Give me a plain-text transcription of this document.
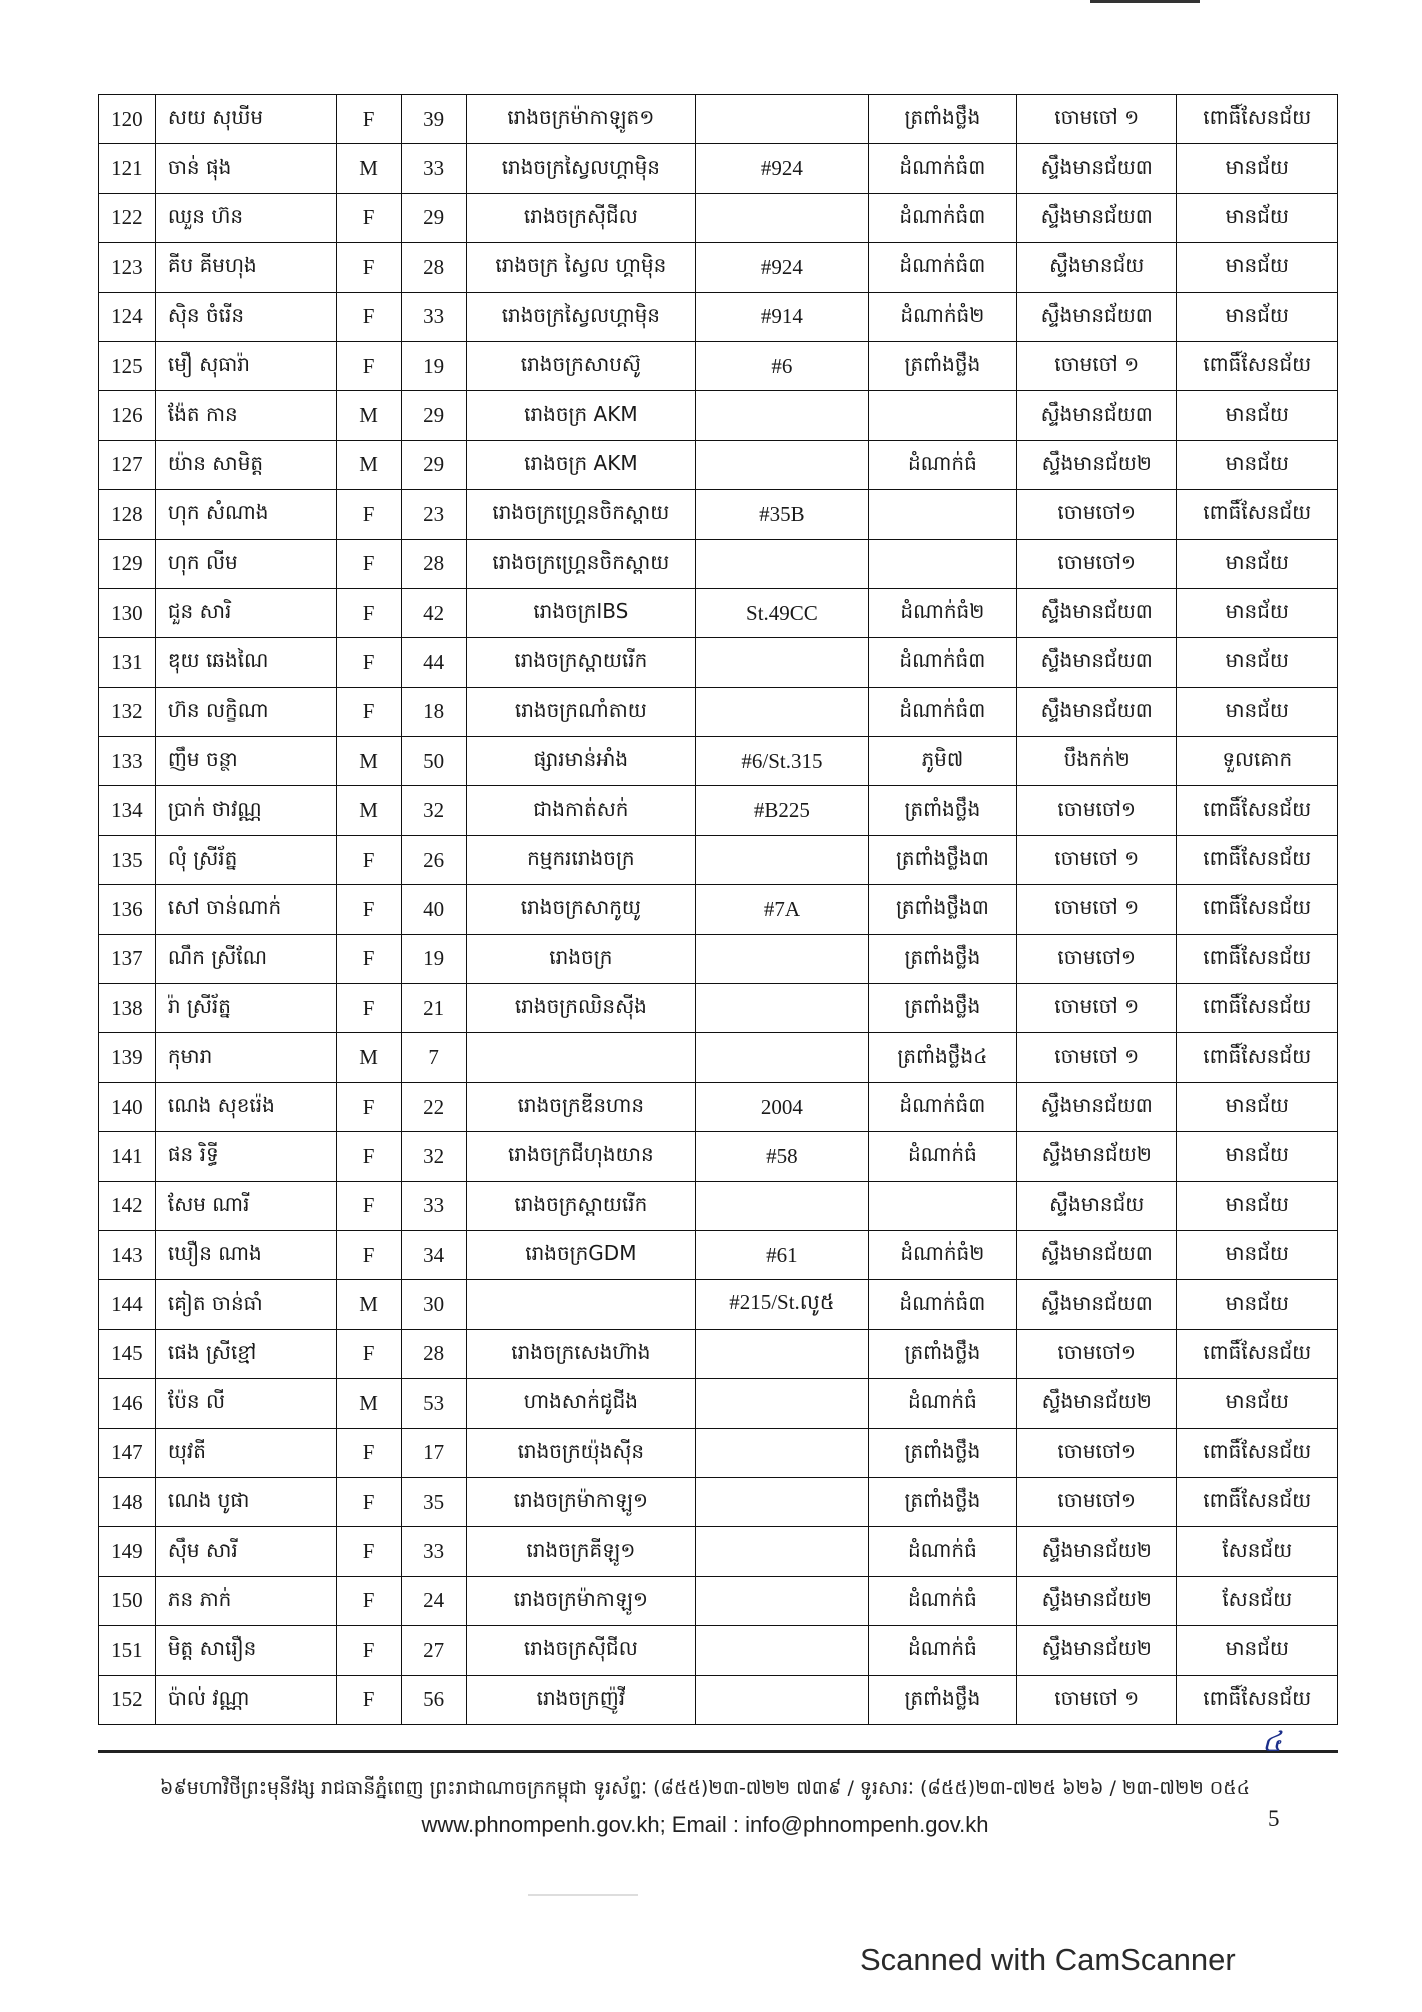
120	សយ សុឃីម	F	39	រោងចក្រម៉ាកាឡូត១		ត្រពាំងថ្លឹង	ចោមចៅ ១	ពោធិ៍សែនជ័យ
121	ចាន់ ផុង	M	33	រោងចក្រស្វៃលហ្គាម៉ិន	#924	ដំណាក់ធំ៣	ស្ទឹងមានជ័យ៣	មានជ័យ
122	ឈួន ហ៊ន	F	29	រោងចក្រស៊ីជីល		ដំណាក់ធំ៣	ស្ទឹងមានជ័យ៣	មានជ័យ
123	គីប គីមហុង	F	28	រោងចក្រ ស្វៃល ហ្គាម៉ិន	#924	ដំណាក់ធំ៣	ស្ទឹងមានជ័យ	មានជ័យ
124	ស៊ិន ចំរើន	F	33	រោងចក្រស្វៃលហ្គាម៉ិន	#914	ដំណាក់ធំ២	ស្ទឹងមានជ័យ៣	មានជ័យ
125	មឿ សុធារ៉ា	F	19	រោងចក្រសាបស៊ូ	#6	ត្រពាំងថ្លឹង	ចោមចៅ ១	ពោធិ៍សែនជ័យ
126	ង៉ែត កាន	M	29	រោងចក្រ AKM			ស្ទឹងមានជ័យ៣	មានជ័យ
127	យ៉ាន សាមិត្ត	M	29	រោងចក្រ AKM		ដំណាក់ធំ	ស្ទឹងមានជ័យ២	មានជ័យ
128	ហុក សំណាង	F	23	រោងចក្រហ្គ្រេនចិកស្ពាយ	#35B		ចោមចៅ១	ពោធិ៍សែនជ័យ
129	ហុក លីម	F	28	រោងចក្រហ្គ្រេនចិកស្ពាយ			ចោមចៅ១	មានជ័យ
130	ជួន សារិ	F	42	រោងចក្រIBS	St.49CC	ដំណាក់ធំ២	ស្ទឹងមានជ័យ៣	មានជ័យ
131	ឌុយ ឆេងណៃ	F	44	រោងចក្រស្ពាយរើក		ដំណាក់ធំ៣	ស្ទឹងមានជ័យ៣	មានជ័យ
132	ហ៊ន លក្ខិណា	F	18	រោងចក្រណាំតាយ		ដំណាក់ធំ៣	ស្ទឹងមានជ័យ៣	មានជ័យ
133	ញឹម ចន្ថា	M	50	ផ្សារមាន់អាំង	#6/St.315	ភូមិ៧	បឹងកក់២	ទួលគោក
134	ប្រាក់ ថាវណ្ណ	M	32	ជាងកាត់សក់	#B225	ត្រពាំងថ្លឹង	ចោមចៅ១	ពោធិ៍សែនជ័យ
135	លុំ ស្រីរ័ត្ន	F	26	កម្មកររោងចក្រ		ត្រពាំងថ្លឹង៣	ចោមចៅ ១	ពោធិ៍សែនជ័យ
136	សៅ ចាន់ណាក់	F	40	រោងចក្រសាកូយូ	#7A	ត្រពាំងថ្លឹង៣	ចោមចៅ ១	ពោធិ៍សែនជ័យ
137	ណឹក ស្រីណែ	F	19	រោងចក្រ		ត្រពាំងថ្លឹង	ចោមចៅ១	ពោធិ៍សែនជ័យ
138	រ៉ា ស្រីរ័ត្ន	F	21	រោងចក្រឈិនស៊ីង		ត្រពាំងថ្លឹង	ចោមចៅ ១	ពោធិ៍សែនជ័យ
139	កុមារា	M	7			ត្រពាំងថ្លឹង៤	ចោមចៅ ១	ពោធិ៍សែនជ័យ
140	ណេង សុខរ៉េង	F	22	រោងចក្រឌីនហាន	2004	ដំណាក់ធំ៣	ស្ទឹងមានជ័យ៣	មានជ័យ
141	ផន រិទ្ធី	F	32	រោងចក្រជីហុងយាន	#58	ដំណាក់ធំ	ស្ទឹងមានជ័យ២	មានជ័យ
142	សែម ណារី	F	33	រោងចក្រស្ពាយរើក			ស្ទឹងមានជ័យ	មានជ័យ
143	ឃឿន ណាង	F	34	រោងចក្រGDM	#61	ដំណាក់ធំ២	ស្ទឹងមានជ័យ៣	មានជ័យ
144	គៀត ចាន់ធាំ	M	30		#215/St.លូ៥	ដំណាក់ធំ៣	ស្ទឹងមានជ័យ៣	មានជ័យ
145	ផេង ស្រីខ្មៅ	F	28	រោងចក្រសេងហ៊ាង		ត្រពាំងថ្លឹង	ចោមចៅ១	ពោធិ៍សែនជ័យ
146	ប៉ែន លី	M	53	ហាងសាក់ជូជីង		ដំណាក់ធំ	ស្ទឹងមានជ័យ២	មានជ័យ
147	យុវតី	F	17	រោងចក្រយ៉ុងស៊ីន		ត្រពាំងថ្លឹង	ចោមចៅ១	ពោធិ៍សែនជ័យ
148	ណេង បូផា	F	35	រោងចក្រម៉ាកាឡូ១		ត្រពាំងថ្លឹង	ចោមចៅ១	ពោធិ៍សែនជ័យ
149	ស៊ឹម សារី	F	33	រោងចក្រគីឡូ១		ដំណាក់ធំ	ស្ទឹងមានជ័យ២	សែនជ័យ
150	ភន ភាក់	F	24	រោងចក្រម៉ាកាឡូ១		ដំណាក់ធំ	ស្ទឹងមានជ័យ២	សែនជ័យ
151	មិត្ត សារឿន	F	27	រោងចក្រស៊ីជីល		ដំណាក់ធំ	ស្ទឹងមានជ័យ២	មានជ័យ
152	ប៉ាល់ វណ្ណា	F	56	រោងចក្រញ៉ូវី		ត្រពាំងថ្លឹង	ចោមចៅ ១	ពោធិ៍សែនជ័យ
៤
៦៩មហាវិថីព្រះមុនីវង្ស រាជធានីភ្នំពេញ ព្រះរាជាណាចក្រកម្ពុជា ទូរស័ព្ទៈ (៨៥៥)២៣-៧២២ ៧៣៩ / ទូរសារៈ (៨៥៥)២៣-៧២៥ ៦២៦ / ២៣-៧២២ ០៥៤
www.phnompenh.gov.kh; Email : info@phnompenh.gov.kh	5
Scanned with CamScanner
